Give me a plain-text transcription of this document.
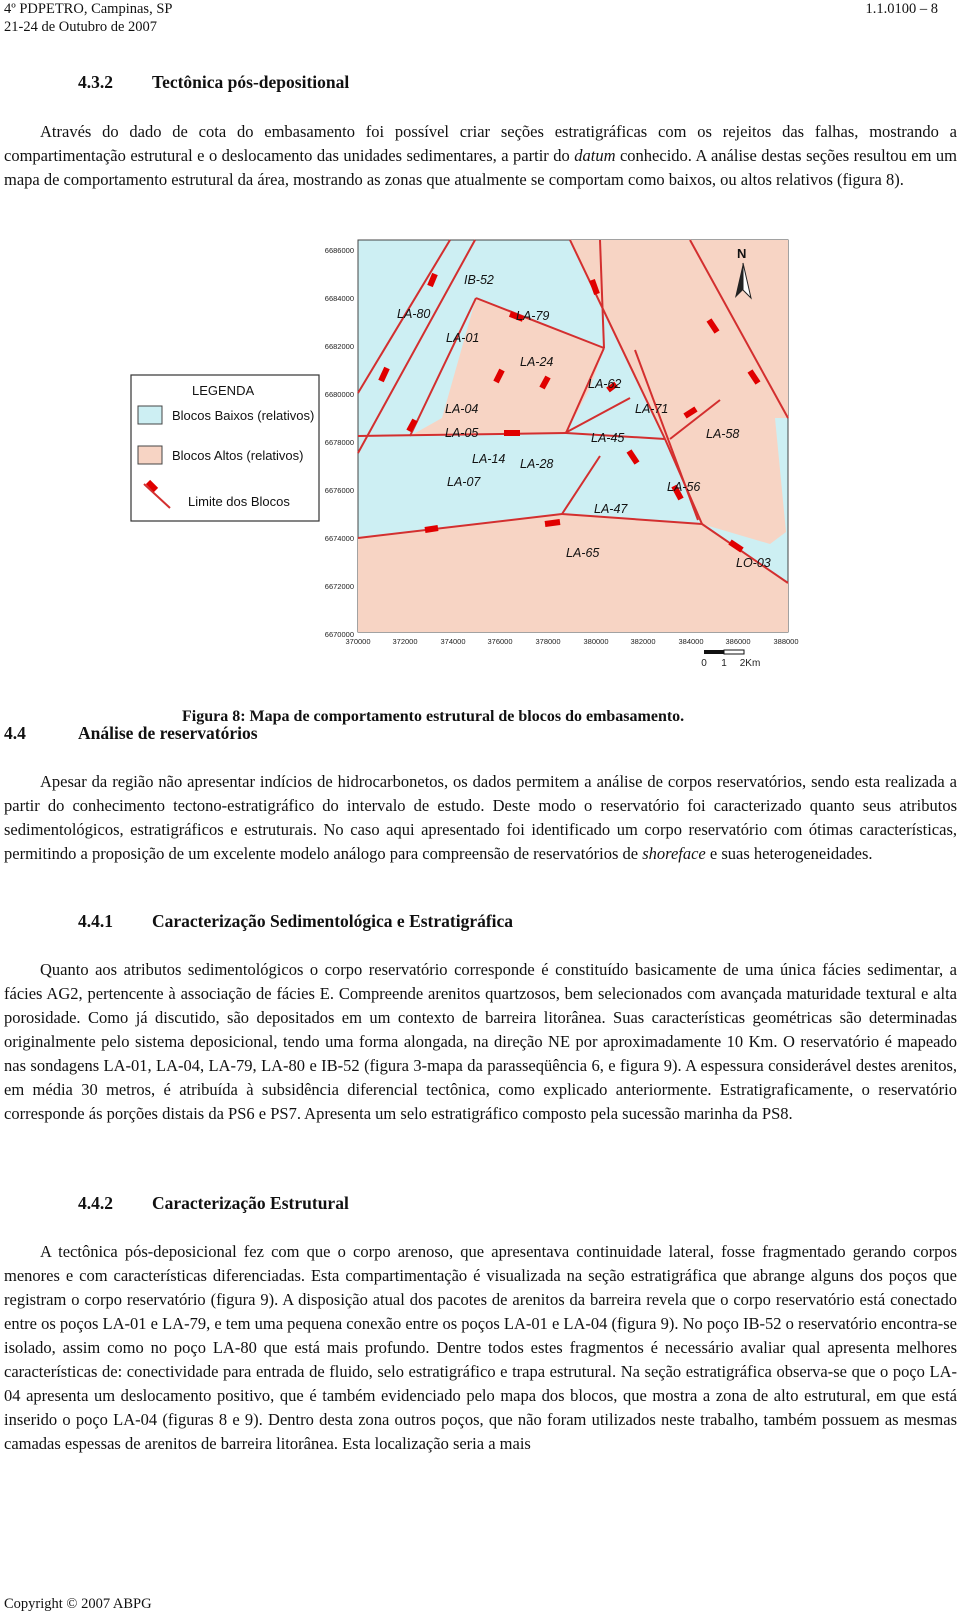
4º PDPETRO, Campinas, SP
21-24 de Outubro de 2007
1.1.0100 – 8
4.3.2 Tectônica pós-depositional

Através do dado de cota do embasamento foi possível criar seções estratigráficas com os rejeitos das falhas, mostrando a compartimentação estrutural e o deslocamento das unidades sedimentares, a partir do datum conhecido. A análise destas seções resultou em um mapa de comportamento estrutural da área, mostrando as zonas que atualmente se comportam como baixos, ou altos relativos (figura 8).

N
IB-52
LA-80	LA-79
LA-01
LA-24
LA-62
LA-71
LA-04
LA-05	LA-45	LA-58
LA-14 LA-28
LA-07	LA-56
LA-47
LA-65
LO-03
6686000
6684000
6682000
6680000
6678000
6676000
6674000
6672000
6670000
370000	372000	374000	376000	378000	380000	382000	384000	386000	388000
0 1 2Km
LEGENDA
Blocos Baixos (relativos)
Blocos Altos (relativos)
Limite dos Blocos
Figura 8: Mapa de comportamento estrutural de blocos do embasamento.
4.4	Análise de reservatórios

Apesar da região não apresentar indícios de hidrocarbonetos, os dados permitem a análise de corpos reservatórios, sendo esta realizada a partir do conhecimento tectono-estratigráfico do intervalo de estudo. Deste modo o reservatório foi caracterizado quanto seus atributos sedimentológicos, estratigráficos e estruturais. No caso aqui apresentado foi identificado um corpo reservatório com ótimas características, permitindo a proposição de um excelente modelo análogo para compreensão de reservatórios de shoreface e suas heterogeneidades.

4.4.1 Caracterização Sedimentológica e Estratigráfica

Quanto aos atributos sedimentológicos o corpo reservatório corresponde é constituído basicamente de uma única fácies sedimentar, a fácies AG2, pertencente à associação de fácies E. Compreende arenitos quartzosos, bem selecionados com avançada maturidade textural e alta porosidade. Como já discutido, são depositados em um contexto de barreira litorânea. Suas características geométricas são determinadas originalmente pelo sistema deposicional, tendo uma forma alongada, na direção NE por aproximadamente 10 Km. O reservatório é mapeado nas sondagens LA-01, LA-04, LA-79, LA-80 e IB-52 (figura 3-mapa da parasseqüência 6, e figura 9). A espessura considerável destes arenitos, em média 30 metros, é atribuída à subsidência diferencial tectônica, como explicado anteriormente. Estratigraficamente, o reservatório corresponde ás porções distais da PS6 e PS7. Apresenta um selo estratigráfico composto pela sucessão marinha da PS8.

4.4.2 Caracterização Estrutural

A tectônica pós-deposicional fez com que o corpo arenoso, que apresentava continuidade lateral, fosse fragmentado gerando corpos menores e com características diferenciadas. Esta compartimentação é visualizada na seção estratigráfica que abrange alguns dos poços que registram o corpo reservatório (figura 9). A disposição atual dos pacotes de arenitos da barreira revela que o corpo reservatório está conectado entre os poços LA-01 e LA-79, e tem uma pequena conexão entre os poços LA-01 e LA-04 (figura 9). No poço IB-52 o reservatório encontra-se isolado, assim como no poço LA-80 que está mais profundo. Dentre todos estes fragmentos é necessário avaliar qual apresenta melhores características de: conectividade para entrada de fluido, selo estratigráfico e trapa estrutural. Na seção estratigráfica observa-se que o poço LA-04 apresenta um deslocamento positivo, que é também evidenciado pelo mapa dos blocos, que mostra a zona de alto estrutural, em que está inserido o poço LA-04 (figuras 8 e 9). Dentro desta zona outros poços, que não foram utilizados neste trabalho, também possuem as mesmas camadas espessas de arenitos de barreira litorânea. Esta localização seria a mais

Copyright © 2007 ABPG
